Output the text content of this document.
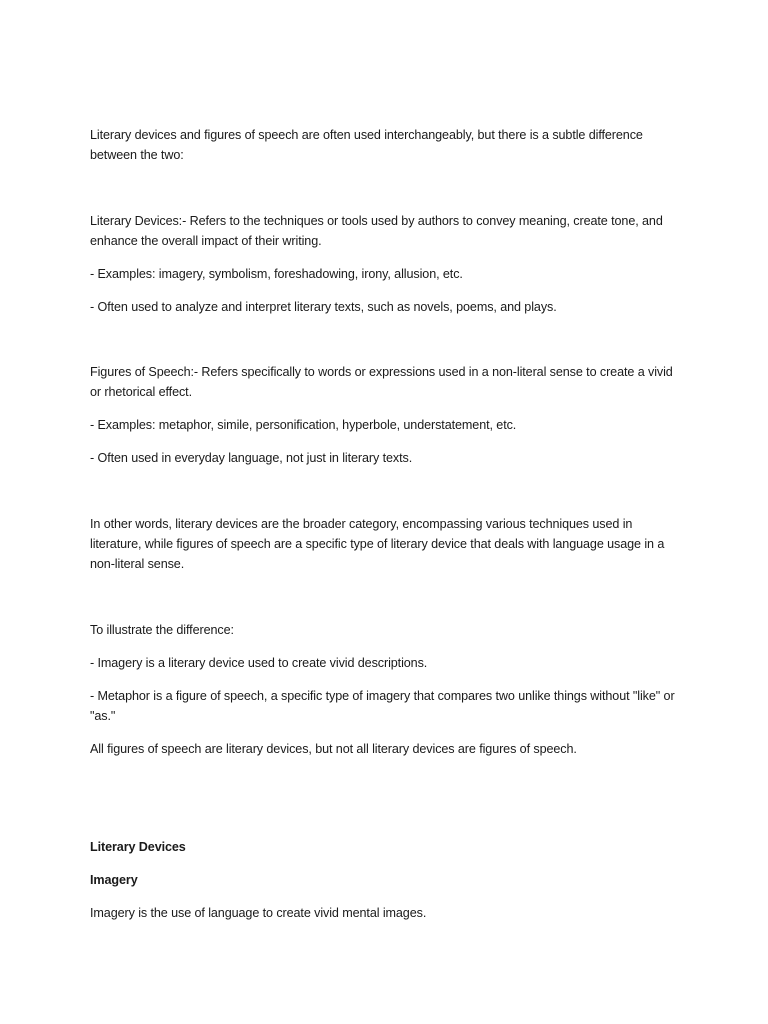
Literary devices and figures of speech are often used interchangeably, but there is a subtle difference between the two:

Literary Devices:- Refers to the techniques or tools used by authors to convey meaning, create tone, and enhance the overall impact of their writing.

- Examples: imagery, symbolism, foreshadowing, irony, allusion, etc.

- Often used to analyze and interpret literary texts, such as novels, poems, and plays.

Figures of Speech:- Refers specifically to words or expressions used in a non-literal sense to create a vivid or rhetorical effect.

- Examples: metaphor, simile, personification, hyperbole, understatement, etc.

- Often used in everyday language, not just in literary texts.

In other words, literary devices are the broader category, encompassing various techniques used in literature, while figures of speech are a specific type of literary device that deals with language usage in a non-literal sense.

To illustrate the difference:

- Imagery is a literary device used to create vivid descriptions.

- Metaphor is a figure of speech, a specific type of imagery that compares two unlike things without "like" or "as."

All figures of speech are literary devices, but not all literary devices are figures of speech.

Literary Devices

Imagery

Imagery is the use of language to create vivid mental images.
